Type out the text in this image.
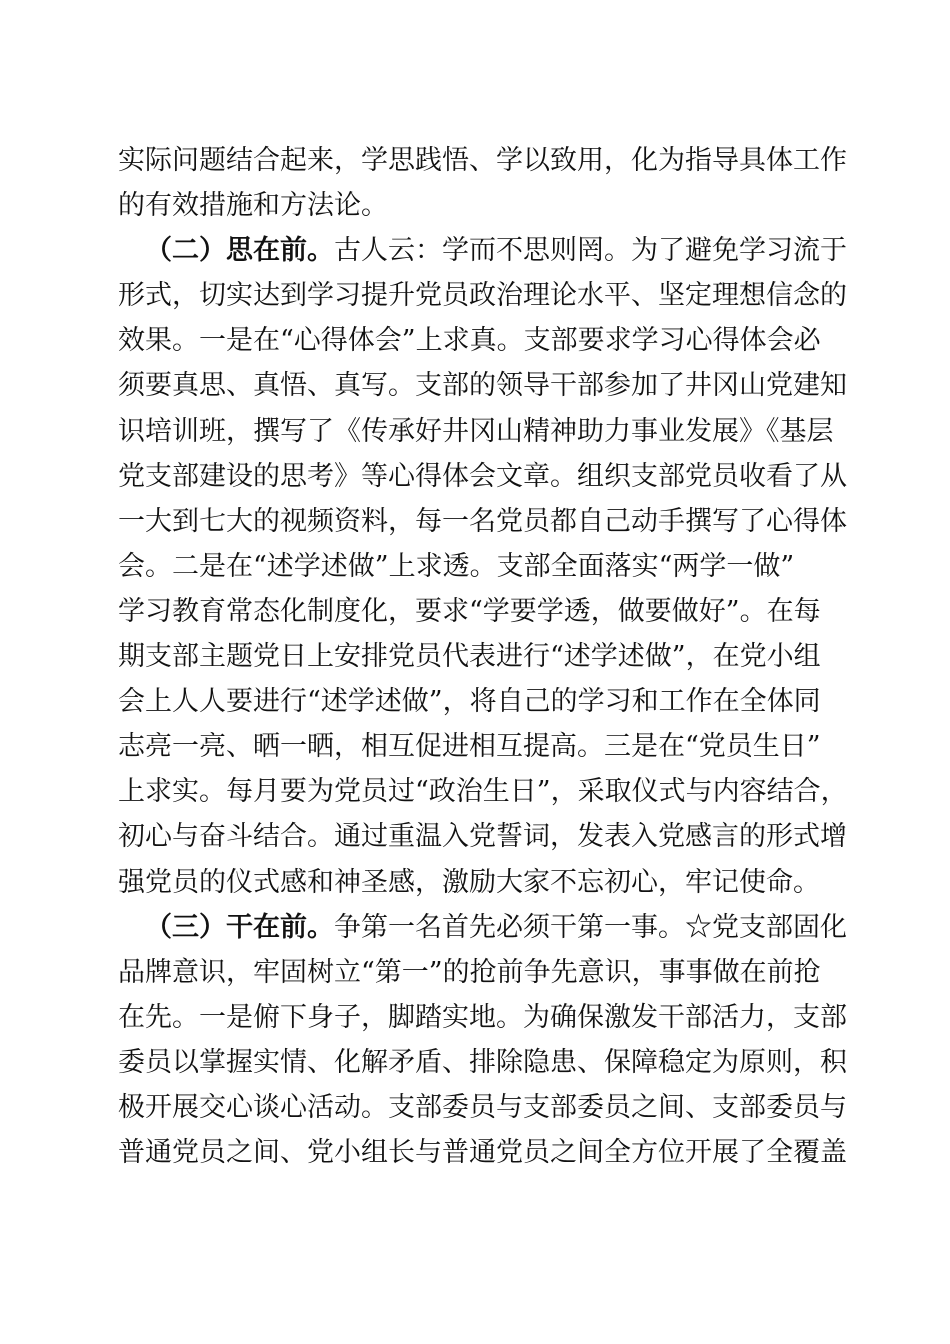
实际问题结合起来，学思践悟、学以致用，化为指导具体工作
的有效措施和方法论。
（二）思在前。古人云：学而不思则罔。为了避免学习流于
形式，切实达到学习提升党员政治理论水平、坚定理想信念的
效果。一是在“心得体会”上求真。支部要求学习心得体会必
须要真思、真悟、真写。支部的领导干部参加了井冈山党建知
识培训班，撰写了《传承好井冈山精神助力事业发展》《基层
党支部建设的思考》等心得体会文章。组织支部党员收看了从
一大到七大的视频资料，每一名党员都自己动手撰写了心得体
会。二是在“述学述做”上求透。支部全面落实“两学一做”
学习教育常态化制度化，要求“学要学透，做要做好”。在每
期支部主题党日上安排党员代表进行“述学述做”，在党小组
会上人人要进行“述学述做”，将自己的学习和工作在全体同
志亮一亮、晒一晒，相互促进相互提高。三是在“党员生日”
上求实。每月要为党员过“政治生日”，采取仪式与内容结合，
初心与奋斗结合。通过重温入党誓词，发表入党感言的形式增
强党员的仪式感和神圣感，激励大家不忘初心，牢记使命。
（三）干在前。争第一名首先必须干第一事。☆党支部固化
品牌意识，牢固树立“第一”的抢前争先意识，事事做在前抢
在先。一是俯下身子，脚踏实地。为确保激发干部活力，支部
委员以掌握实情、化解矛盾、排除隐患、保障稳定为原则，积
极开展交心谈心活动。支部委员与支部委员之间、支部委员与
普通党员之间、党小组长与普通党员之间全方位开展了全覆盖
